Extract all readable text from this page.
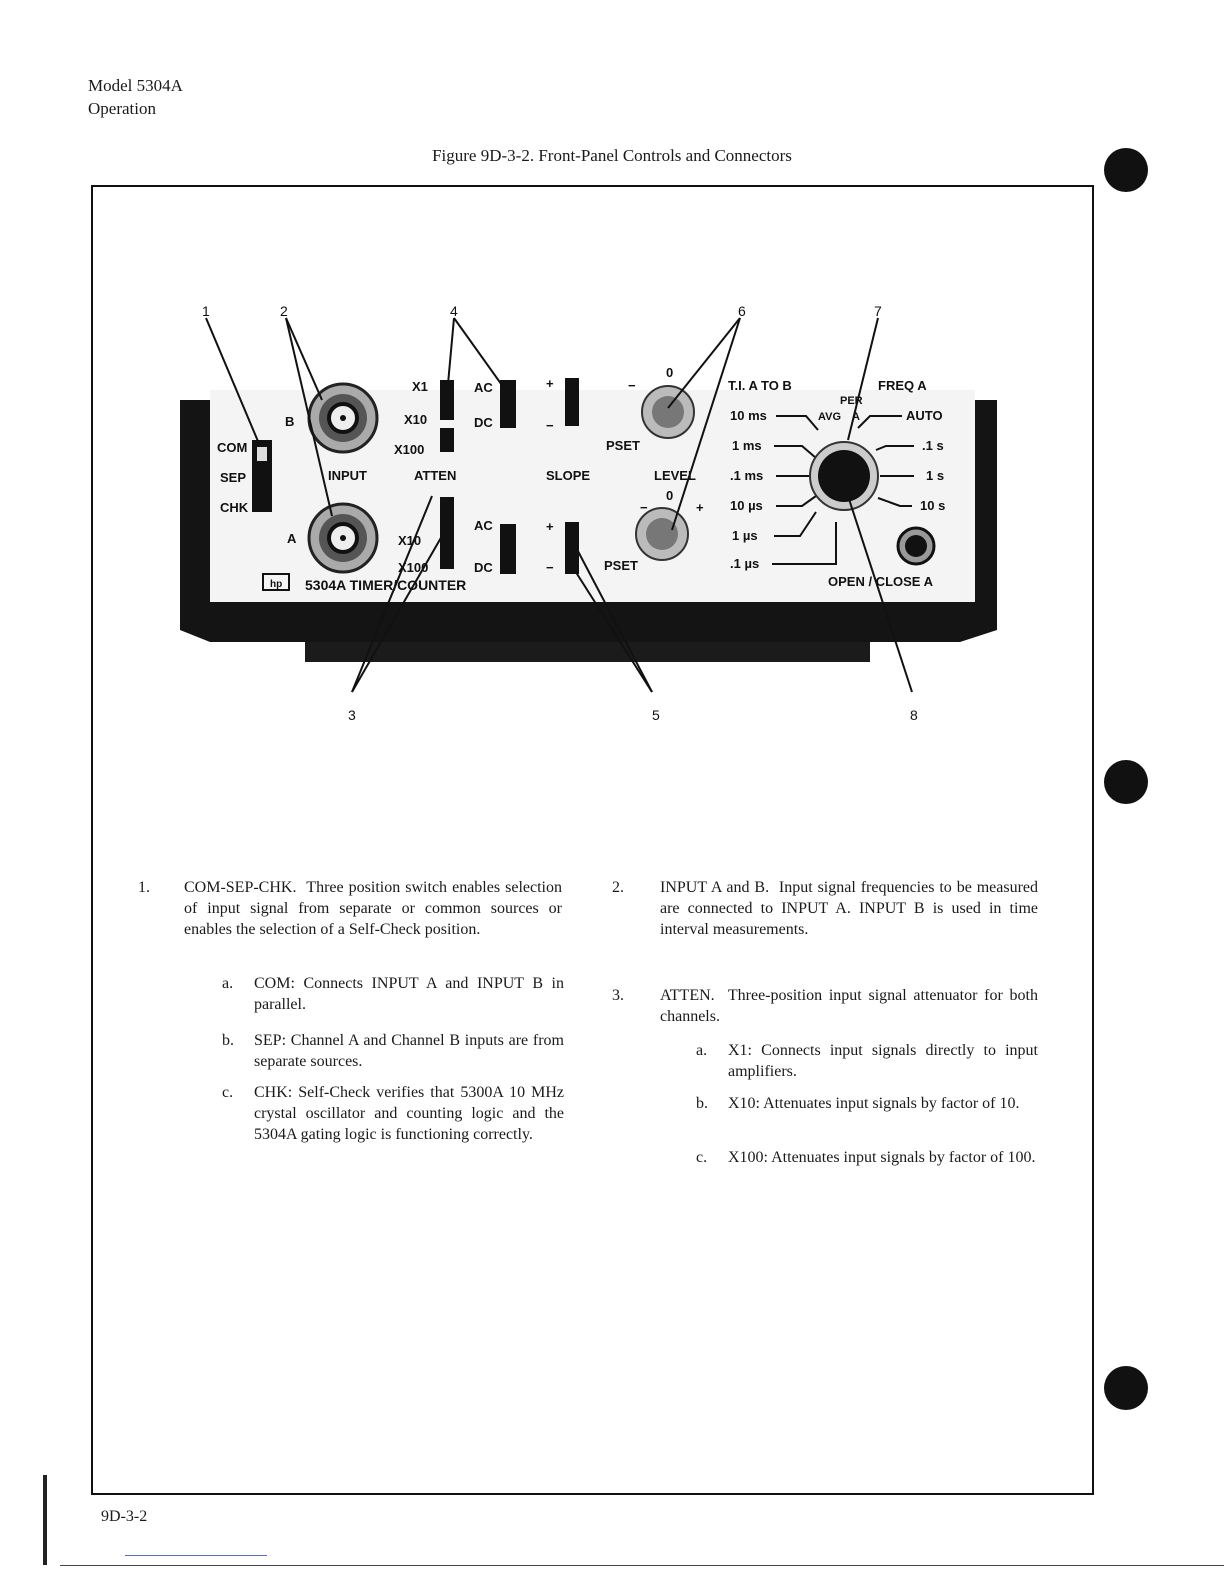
Model 5304A
Operation
Figure 9D-3-2. Front-Panel Controls and Connectors
COM
SEP
CHK
B
A
INPUT
X1
X10
X100
ATTEN
X10
X100
AC
DC
AC
DC
+
−
+
−
SLOPE
0
−
PSET
LEVEL
0
−	+
PSET
T.I. A TO B	FREQ A
PER
AVG A
10 ms
1 ms
.1 ms
10 µs
1 µs
.1 µs
AUTO
.1 s
1 s
10 s
OPEN / CLOSE A
hp 5304A TIMER/COUNTER
1	2
3
4
5
6	7
8
1. COM-SEP-CHK. Three position switch enables selection of input signal from separate or common sources or enables the selection of a Self-Check position.
a. COM: Connects INPUT A and INPUT B in parallel.
b. SEP: Channel A and Channel B inputs are from separate sources.
c. CHK: Self-Check verifies that 5300A 10 MHz crystal oscillator and counting logic and the 5304A gating logic is functioning correctly.
2. INPUT A and B. Input signal frequencies to be measured are connected to INPUT A. INPUT B is used in time interval measurements.
3. ATTEN. Three-position input signal attenuator for both channels.
a. X1: Connects input signals directly to input amplifiers.
b. X10: Attenuates input signals by factor of 10.
c. X100: Attenuates input signals by factor of 100.
9D-3-2
